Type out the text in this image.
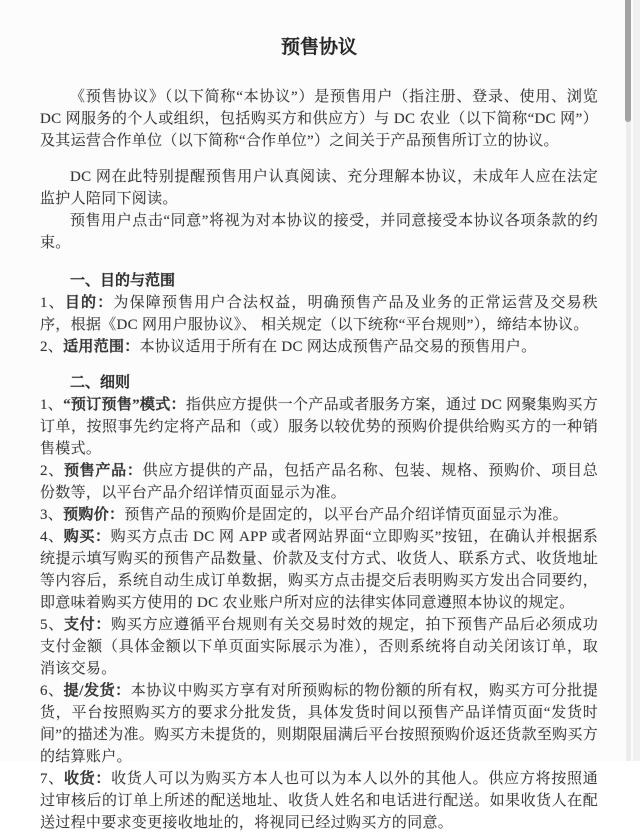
预售协议

《预售协议》（以下简称“本协议”）是预售用户（指注册、登录、使用、浏览 DC 网服务的个人或组织，包括购买方和供应方）与 DC 农业（以下简称“DC 网”）及其运营合作单位（以下简称“合作单位”）之间关于产品预售所订立的协议。

DC 网在此特别提醒预售用户认真阅读、充分理解本协议，未成年人应在法定监护人陪同下阅读。

预售用户点击“同意”将视为对本协议的接受，并同意接受本协议各项条款的约束。

一、目的与范围

1、目的：为保障预售用户合法权益，明确预售产品及业务的正常运营及交易秩序，根据《DC 网用户服协议》、 相关规定（以下统称“平台规则”），缔结本协议。

2、适用范围：本协议适用于所有在 DC 网达成预售产品交易的预售用户。

二、细则

1、“预订预售”模式：指供应方提供一个产品或者服务方案，通过 DC 网聚集购买方订单，按照事先约定将产品和（或）服务以较优势的预购价提供给购买方的一种销售模式。

2、预售产品：供应方提供的产品，包括产品名称、包装、规格、预购价、项目总份数等，以平台产品介绍详情页面显示为准。

3、预购价：预售产品的预购价是固定的，以平台产品介绍详情页面显示为准。

4、购买：购买方点击 DC 网 APP 或者网站界面“立即购买”按钮，在确认并根据系统提示填写购买的预售产品数量、价款及支付方式、收货人、联系方式、收货地址等内容后，系统自动生成订单数据，购买方点击提交后表明购买方发出合同要约，即意味着购买方使用的 DC 农业账户所对应的法律实体同意遵照本协议的规定。

5、支付：购买方应遵循平台规则有关交易时效的规定，拍下预售产品后必须成功支付金额（具体金额以下单页面实际展示为准），否则系统将自动关闭该订单，取消该交易。

6、提/发货：本协议中购买方享有对所预购标的物份额的所有权，购买方可分批提货，平台按照购买方的要求分批发货，具体发货时间以预售产品详情页面“发货时间”的描述为准。购买方未提货的，则期限届满后平台按照预购价返还货款至购买方的结算账户。

7、收货：收货人可以为购买方本人也可以为本人以外的其他人。供应方将按照通过审核后的订单上所述的配送地址、收货人姓名和电话进行配送。如果收货人在配送过程中要求变更接收地址的，将视同已经过购买方的同意。
